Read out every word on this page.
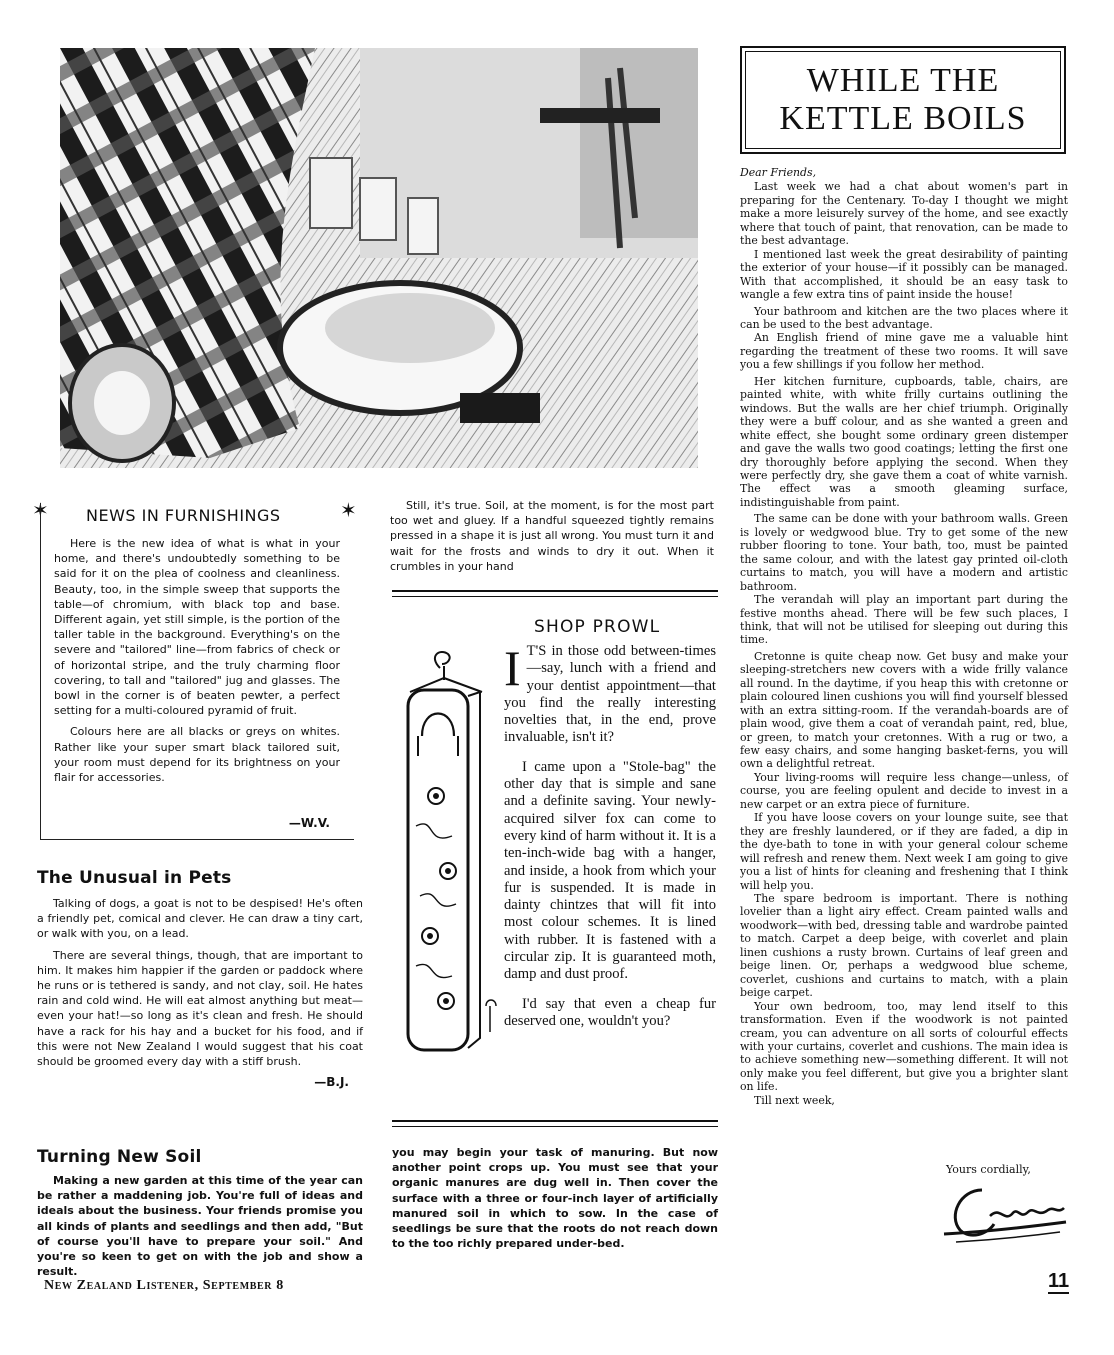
WHILE THE
KETTLE BOILS

Dear Friends,

Last week we had a chat about women's part in preparing for the Centenary. To-day I thought we might make a more leisurely survey of the home, and see exactly where that touch of paint, that renovation, can be made to the best advantage.

I mentioned last week the great desirability of painting the exterior of your house—if it possibly can be managed. With that accomplished, it should be an easy task to wangle a few extra tins of paint inside the house!

Your bathroom and kitchen are the two places where it can be used to the best advantage.

An English friend of mine gave me a valuable hint regarding the treatment of these two rooms. It will save you a few shillings if you follow her method.

Her kitchen furniture, cupboards, table, chairs, are painted white, with white frilly curtains outlining the windows. But the walls are her chief triumph. Originally they were a buff colour, and as she wanted a green and white effect, she bought some ordinary green distemper and gave the walls two good coatings; letting the first one dry thoroughly before applying the second. When they were perfectly dry, she gave them a coat of white varnish. The effect was a smooth gleaming surface, indistinguishable from paint.

The same can be done with your bathroom walls. Green is lovely or wedgwood blue. Try to get some of the new rubber flooring to tone. Your bath, too, must be painted the same colour, and with the latest gay printed oil-cloth curtains to match, you will have a modern and artistic bathroom.

The verandah will play an important part during the festive months ahead. There will be few such places, I think, that will not be utilised for sleeping out during this time.

Cretonne is quite cheap now. Get busy and make your sleeping-stretchers new covers with a wide frilly valance all round. In the daytime, if you heap this with cretonne or plain coloured linen cushions you will find yourself blessed with an extra sitting-room. If the verandah-boards are of plain wood, give them a coat of verandah paint, red, blue, or green, to match your cretonnes. With a rug or two, a few easy chairs, and some hanging basket-ferns, you will own a delightful retreat.

Your living-rooms will require less change—unless, of course, you are feeling opulent and decide to invest in a new carpet or an extra piece of furniture.

If you have loose covers on your lounge suite, see that they are freshly laundered, or if they are faded, a dip in the dye-bath to tone in with your general colour scheme will refresh and renew them. Next week I am going to give you a list of hints for cleaning and freshening that I think will help you.

The spare bedroom is important. There is nothing lovelier than a light airy effect. Cream painted walls and woodwork—with bed, dressing table and wardrobe painted to match. Carpet a deep beige, with coverlet and plain linen cushions a rusty brown. Curtains of leaf green and beige linen. Or, perhaps a wedgwood blue scheme, coverlet, cushions and curtains to match, with a plain beige carpet.

Your own bedroom, too, may lend itself to this transformation. Even if the woodwork is not painted cream, you can adventure on all sorts of colourful effects with your curtains, coverlet and cushions. The main idea is to achieve something new—something different. It will not only make you feel different, but give you a brighter slant on life.

Till next week,

Yours cordially,
✶	✶
NEWS IN FURNISHINGS

Here is the new idea of what is what in your home, and there's undoubtedly something to be said for it on the plea of coolness and cleanliness. Beauty, too, in the simple sweep that supports the table—of chromium, with black top and base. Different again, yet still simple, is the portion of the taller table in the background. Everything's on the severe and "tailored" line—from fabrics of check or of horizontal stripe, and the truly charming floor covering, to tall and "tailored" jug and glasses. The bowl in the corner is of beaten pewter, a perfect setting for a multi-coloured pyramid of fruit.

Colours here are all blacks or greys on whites. Rather like your super smart black tailored suit, your room must depend for its brightness on your flair for accessories.

—W.V.
The Unusual in Pets

Talking of dogs, a goat is not to be despised! He's often a friendly pet, comical and clever. He can draw a tiny cart, or walk with you, on a lead.

There are several things, though, that are important to him. It makes him happier if the garden or paddock where he runs or is tethered is sandy, and not clay, soil. He hates rain and cold wind. He will eat almost anything but meat—even your hat!—so long as it's clean and fresh. He should have a rack for his hay and a bucket for his food, and if this were not New Zealand I would suggest that his coat should be groomed every day with a stiff brush.

—B.J.
Turning New Soil

Making a new garden at this time of the year can be rather a maddening job. You're full of ideas and ideals about the business. Your friends promise you all kinds of plants and seedlings and then add, "But of course you'll have to prepare your soil." And you're so keen to get on with the job and show a result.

Still, it's true. Soil, at the moment, is for the most part too wet and gluey. If a handful squeezed tightly remains pressed in a shape it is just all wrong. You must turn it and wait for the frosts and winds to dry it out. When it crumbles in your hand

SHOP PROWL

I T'S in those odd between-times—say, lunch with a friend and your dentist appointment—that you find the really interesting novelties that, in the end, prove invaluable, isn't it?

I came upon a "Stole-bag" the other day that is simple and sane and a definite saving. Your newly-acquired silver fox can come to every kind of harm without it. It is a ten-inch-wide bag with a hanger, and inside, a hook from which your fur is suspended. It is made in dainty chintzes that will fit into most colour schemes. It is lined with rubber. It is fastened with a circular zip. It is guaranteed moth, damp and dust proof.

I'd say that even a cheap fur deserved one, wouldn't you?

you may begin your task of manuring. But now another point crops up. You must see that your organic manures are dug well in. Then cover the surface with a three or four-inch layer of artificially manured soil in which to sow. In the case of seedlings be sure that the roots do not reach down to the too richly prepared under-bed.

New Zealand Listener, September 8	11
